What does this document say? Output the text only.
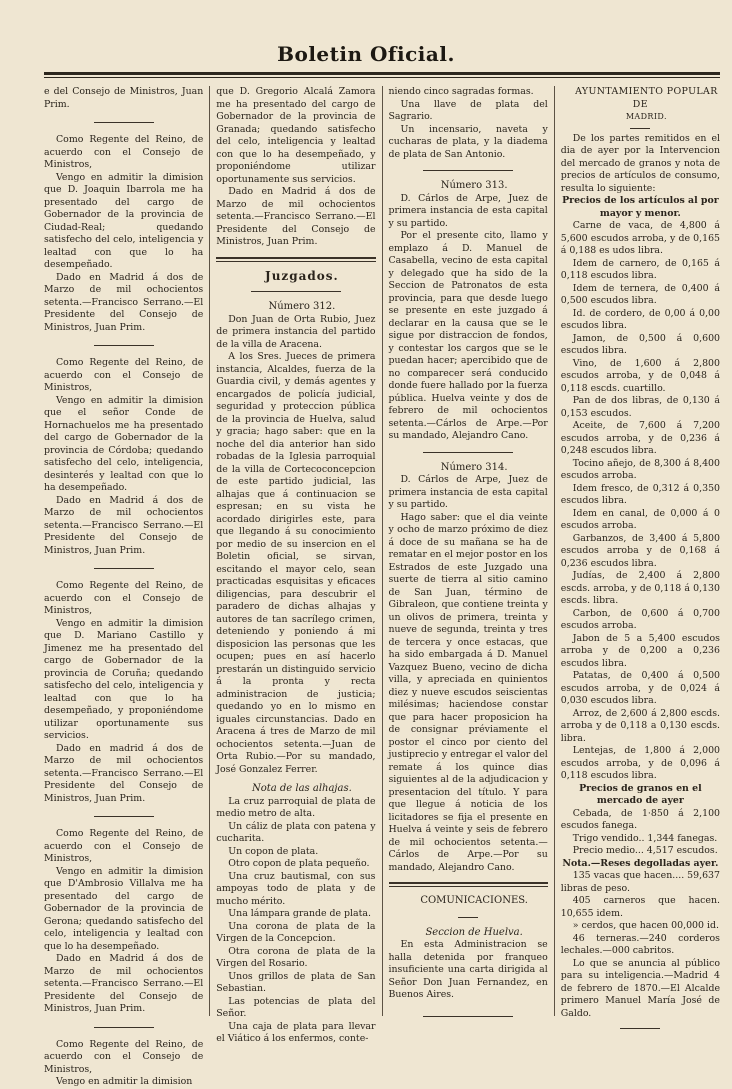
Boletin Oficial.

e del Consejo de Ministros, Juan Prim.

Como Regente del Reino, de acuerdo con el Consejo de Ministros,

Vengo en admitir la dimision que D. Joaquin Ibarrola me ha presentado del cargo de Gobernador de la provincia de Ciudad-Real; quedando satisfecho del celo, inteligencia y lealtad con que lo ha desempeñado.

Dado en Madrid á dos de Marzo de mil ochocientos setenta.—Francisco Serrano.—El Presidente del Consejo de Ministros, Juan Prim.

Como Regente del Reino, de acuerdo con el Consejo de Ministros,

Vengo en admitir la dimision que el señor Conde de Hornachuelos me ha presentado del cargo de Gobernador de la provincia de Córdoba; quedando satisfecho del celo, inteligencia, desinterés y lealtad con que lo ha desempeñado.

Dado en Madrid á dos de Marzo de mil ochocientos setenta.—Francisco Serrano.—El Presidente del Consejo de Ministros, Juan Prim.

Como Regente del Reino, de acuerdo con el Consejo de Ministros,

Vengo en admitir la dimision que D. Mariano Castillo y Jimenez me ha presentado del cargo de Gobernador de la provincia de Coruña; quedando satisfecho del celo, inteligencia y lealtad con que lo ha desempeñado, y proponiéndome utilizar oportunamente sus servicios.

Dado en madrid á dos de Marzo de mil ochocientos setenta.—Francisco Serrano.—El Presidente del Consejo de Ministros, Juan Prim.

Como Regente del Reino, de acuerdo con el Consejo de Ministros,

Vengo en admitir la dimision que D'Ambrosio Villalva me ha presentado del cargo de Gobernador de la provincia de Gerona; quedando satisfecho del celo, inteligencia y lealtad con que lo ha desempeñado.

Dado en Madrid á dos de Marzo de mil ochocientos setenta.—Francisco Serrano.—El Presidente del Consejo de Ministros, Juan Prim.

Como Regente del Reino, de acuerdo con el Consejo de Ministros,

Vengo en admitir la dimision

que D. Gregorio Alcalá Zamora me ha presentado del cargo de Gobernador de la provincia de Granada; quedando satisfecho del celo, inteligencia y lealtad con que lo ha desempeñado, y proponiéndome utilizar oportunamente sus servicios.

Dado en Madrid á dos de Marzo de mil ochocientos setenta.—Francisco Serrano.—El Presidente del Consejo de Ministros, Juan Prim.

Juzgados.

Número 312.

Don Juan de Orta Rubio, Juez de primera instancia del partido de la villa de Aracena.

A los Sres. Jueces de primera instancia, Alcaldes, fuerza de la Guardia civil, y demás agentes y encargados de policía judicial, seguridad y proteccion pública de la provincia de Huelva, salud y gracia; hago saber: que en la noche del dia anterior han sido robadas de la Iglesia parroquial de la villa de Cortecoconcepcion de este partido judicial, las alhajas que á continuacion se espresan; en su vista he acordado dirigirles este, para que llegando á su conocimiento por medio de su insercion en el Boletin oficial, se sirvan, escitando el mayor celo, sean practicadas esquisitas y eficaces diligencias, para descubrir el paradero de dichas alhajas y autores de tan sacrílego crimen, deteniendo y poniendo á mi disposicion las personas que les ocupen; pues en así hacerlo prestarán un distinguido servicio á la pronta y recta administracion de justicia; quedando yo en lo mismo en iguales circunstancias. Dado en Aracena á tres de Marzo de mil ochocientos setenta.—Juan de Orta Rubio.—Por su mandado, José Gonzalez Ferrer.

Nota de las alhajas.

La cruz parroquial de plata de medio metro de alta.

Un cáliz de plata con patena y cucharita.

Un copon de plata.

Otro copon de plata pequeño.

Una cruz bautismal, con sus ampoyas todo de plata y de mucho mérito.

Una lámpara grande de plata.

Una corona de plata de la Virgen de la Concepcion.

Otra corona de plata de la Virgen del Rosario.

Unos grillos de plata de San Sebastian.

Las potencias de plata del Señor.

Una caja de plata para llevar el Viático á los enfermos, conte-

niendo cinco sagradas formas.

Una llave de plata del Sagrario.

Un incensario, naveta y cucharas de plata, y la diadema de plata de San Antonio.

Número 313.

D. Cárlos de Arpe, Juez de primera instancia de esta capital y su partido.

Por el presente cito, llamo y emplazo á D. Manuel de Casabella, vecino de esta capital y delegado que ha sido de la Seccion de Patronatos de esta provincia, para que desde luego se presente en este juzgado á declarar en la causa que se le sigue por distraccion de fondos, y contestar los cargos que se le puedan hacer; apercibido que de no comparecer será conducido donde fuere hallado por la fuerza pública. Huelva veinte y dos de febrero de mil ochocientos setenta.—Cárlos de Arpe.—Por su mandado, Alejandro Cano.

Número 314.

D. Cárlos de Arpe, Juez de primera instancia de esta capital y su partido.

Hago saber: que el dia veinte y ocho de marzo próximo de diez á doce de su mañana se ha de rematar en el mejor postor en los Estrados de este Juzgado una suerte de tierra al sitio camino de San Juan, término de Gibraleon, que contiene treinta y un olivos de primera, treinta y nueve de segunda, treinta y tres de tercera y once estacas, que ha sido embargada á D. Manuel Vazquez Bueno, vecino de dicha villa, y apreciada en quinientos diez y nueve escudos seiscientas milésimas; haciendose constar que para hacer proposicion ha de consignar préviamente el postor el cinco por ciento del justiprecio y entregar el valor del remate á los quince dias siguientes al de la adjudicacion y presentacion del título. Y para que llegue á noticia de los licitadores se fija el presente en Huelva á veinte y seis de febrero de mil ochocientos setenta.—Cárlos de Arpe.—Por su mandado, Alejandro Cano.

COMUNICACIONES.

Seccion de Huelva.

En esta Administracion se halla detenida por franqueo insuficiente una carta dirigida al Señor Don Juan Fernandez, en Buenos Aires.

AYUNTAMIENTO POPULAR DE

MADRID.

De los partes remitidos en el dia de ayer por la Intervencion del mercado de granos y nota de precios de artículos de consumo, resulta lo siguiente:

Precios de los artículos al por mayor y menor.

Carne de vaca, de 4,800 á 5,600 escudos arroba, y de 0,165 á 0,188 es udos libra.

Idem de carnero, de 0,165 á 0,118 escudos libra.

Idem de ternera, de 0,400 á 0,500 escudos libra.

Id. de cordero, de 0,00 á 0,00 escudos libra.

Jamon, de 0,500 á 0,600 escudos libra.

Vino, de 1,600 á 2,800 escudos arroba, y de 0,048 á 0,118 escds. cuartillo.

Pan de dos libras, de 0,130 á 0,153 escudos.

Aceite, de 7,600 á 7,200 escudos arroba, y de 0,236 á 0,248 escudos libra.

Tocino añejo, de 8,300 á 8,400 escudos arroba.

Idem fresco, de 0,312 á 0,350 escudos libra.

Idem en canal, de 0,000 á 0 escudos arroba.

Garbanzos, de 3,400 á 5,800 escudos arroba y de 0,168 á 0,236 escudos libra.

Judías, de 2,400 á 2,800 escds. arroba, y de 0,118 á 0,130 escds. libra.

Carbon, de 0,600 á 0,700 escudos arroba.

Jabon de 5 a 5,400 escudos arroba y de 0,200 a 0,236 escudos libra.

Patatas, de 0,400 á 0,500 escudos arroba, y de 0,024 á 0,030 escudos libra.

Arroz, de 2,600 á 2,800 escds. arroba y de 0,118 a 0,130 escds. libra.

Lentejas, de 1,800 á 2,000 escudos arroba, y de 0,096 á 0,118 escudos libra.

Precios de granos en el mercado de ayer

Cebada, de 1·850 á 2,100 escudos fanega.

Trigo vendido.. 1,344 fanegas.

Precio medio... 4,517 escudos.

Nota.—Reses degolladas ayer.

135 vacas que hacen.... 59,637 libras de peso.

405 carneros que hacen. 10,655 idem.

» cerdos, que hacen 00,000 id.

46 terneras.—240 corderos lechales.—000 cabritos.

Lo que se anuncia al público para su inteligencia.—Madrid 4 de febrero de 1870.—El Alcalde primero Manuel María José de Galdo.
